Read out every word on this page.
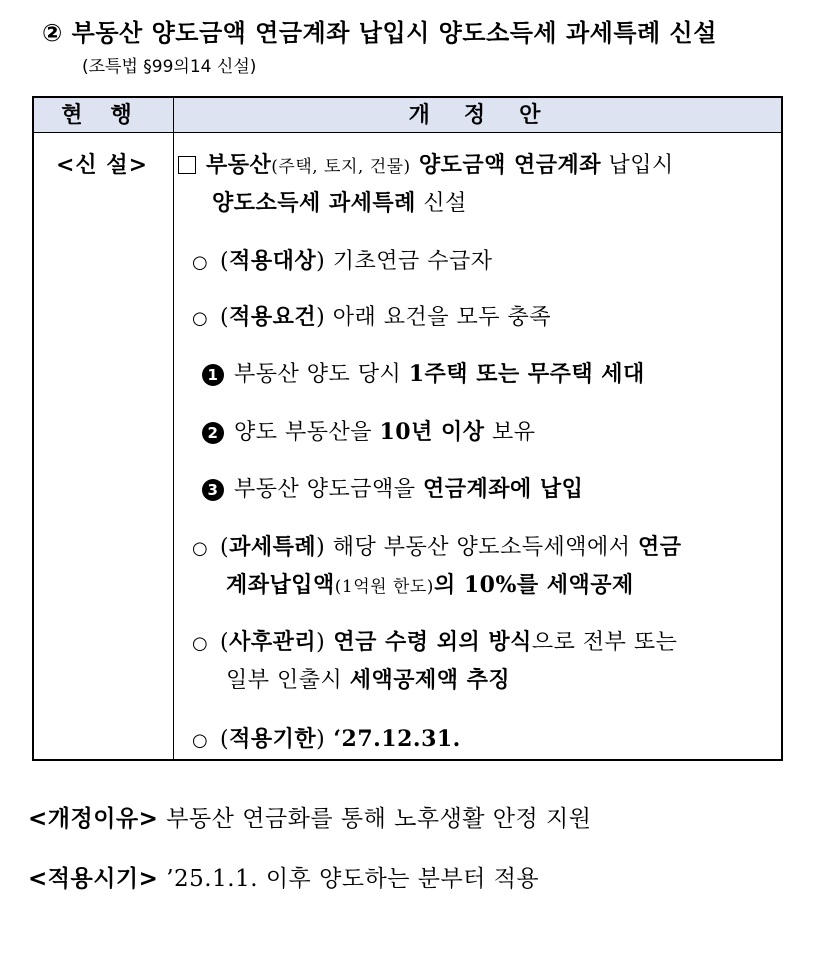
② 부동산 양도금액 연금계좌 납입시 양도소득세 과세특례 신설
(조특법 §99의14 신설)
현행	개정안
<신 설>	부동산(주택, 토지, 건물) 양도금액 연금계좌 납입시
양도소득세 과세특례 신설
○ (적용대상) 기초연금 수급자
○ (적용요건) 아래 요건을 모두 충족
1 부동산 양도 당시 1주택 또는 무주택 세대
2 양도 부동산을 10년 이상 보유
3 부동산 양도금액을 연금계좌에 납입
○ (과세특례) 해당 부동산 양도소득세액에서 연금
계좌납입액(1억원 한도)의 10%를 세액공제
○ (사후관리) 연금 수령 외의 방식으로 전부 또는
일부 인출시 세액공제액 추징
○ (적용기한) ‘27.12.31.
<개정이유> 부동산 연금화를 통해 노후생활 안정 지원
<적용시기> ’25.1.1. 이후 양도하는 분부터 적용
